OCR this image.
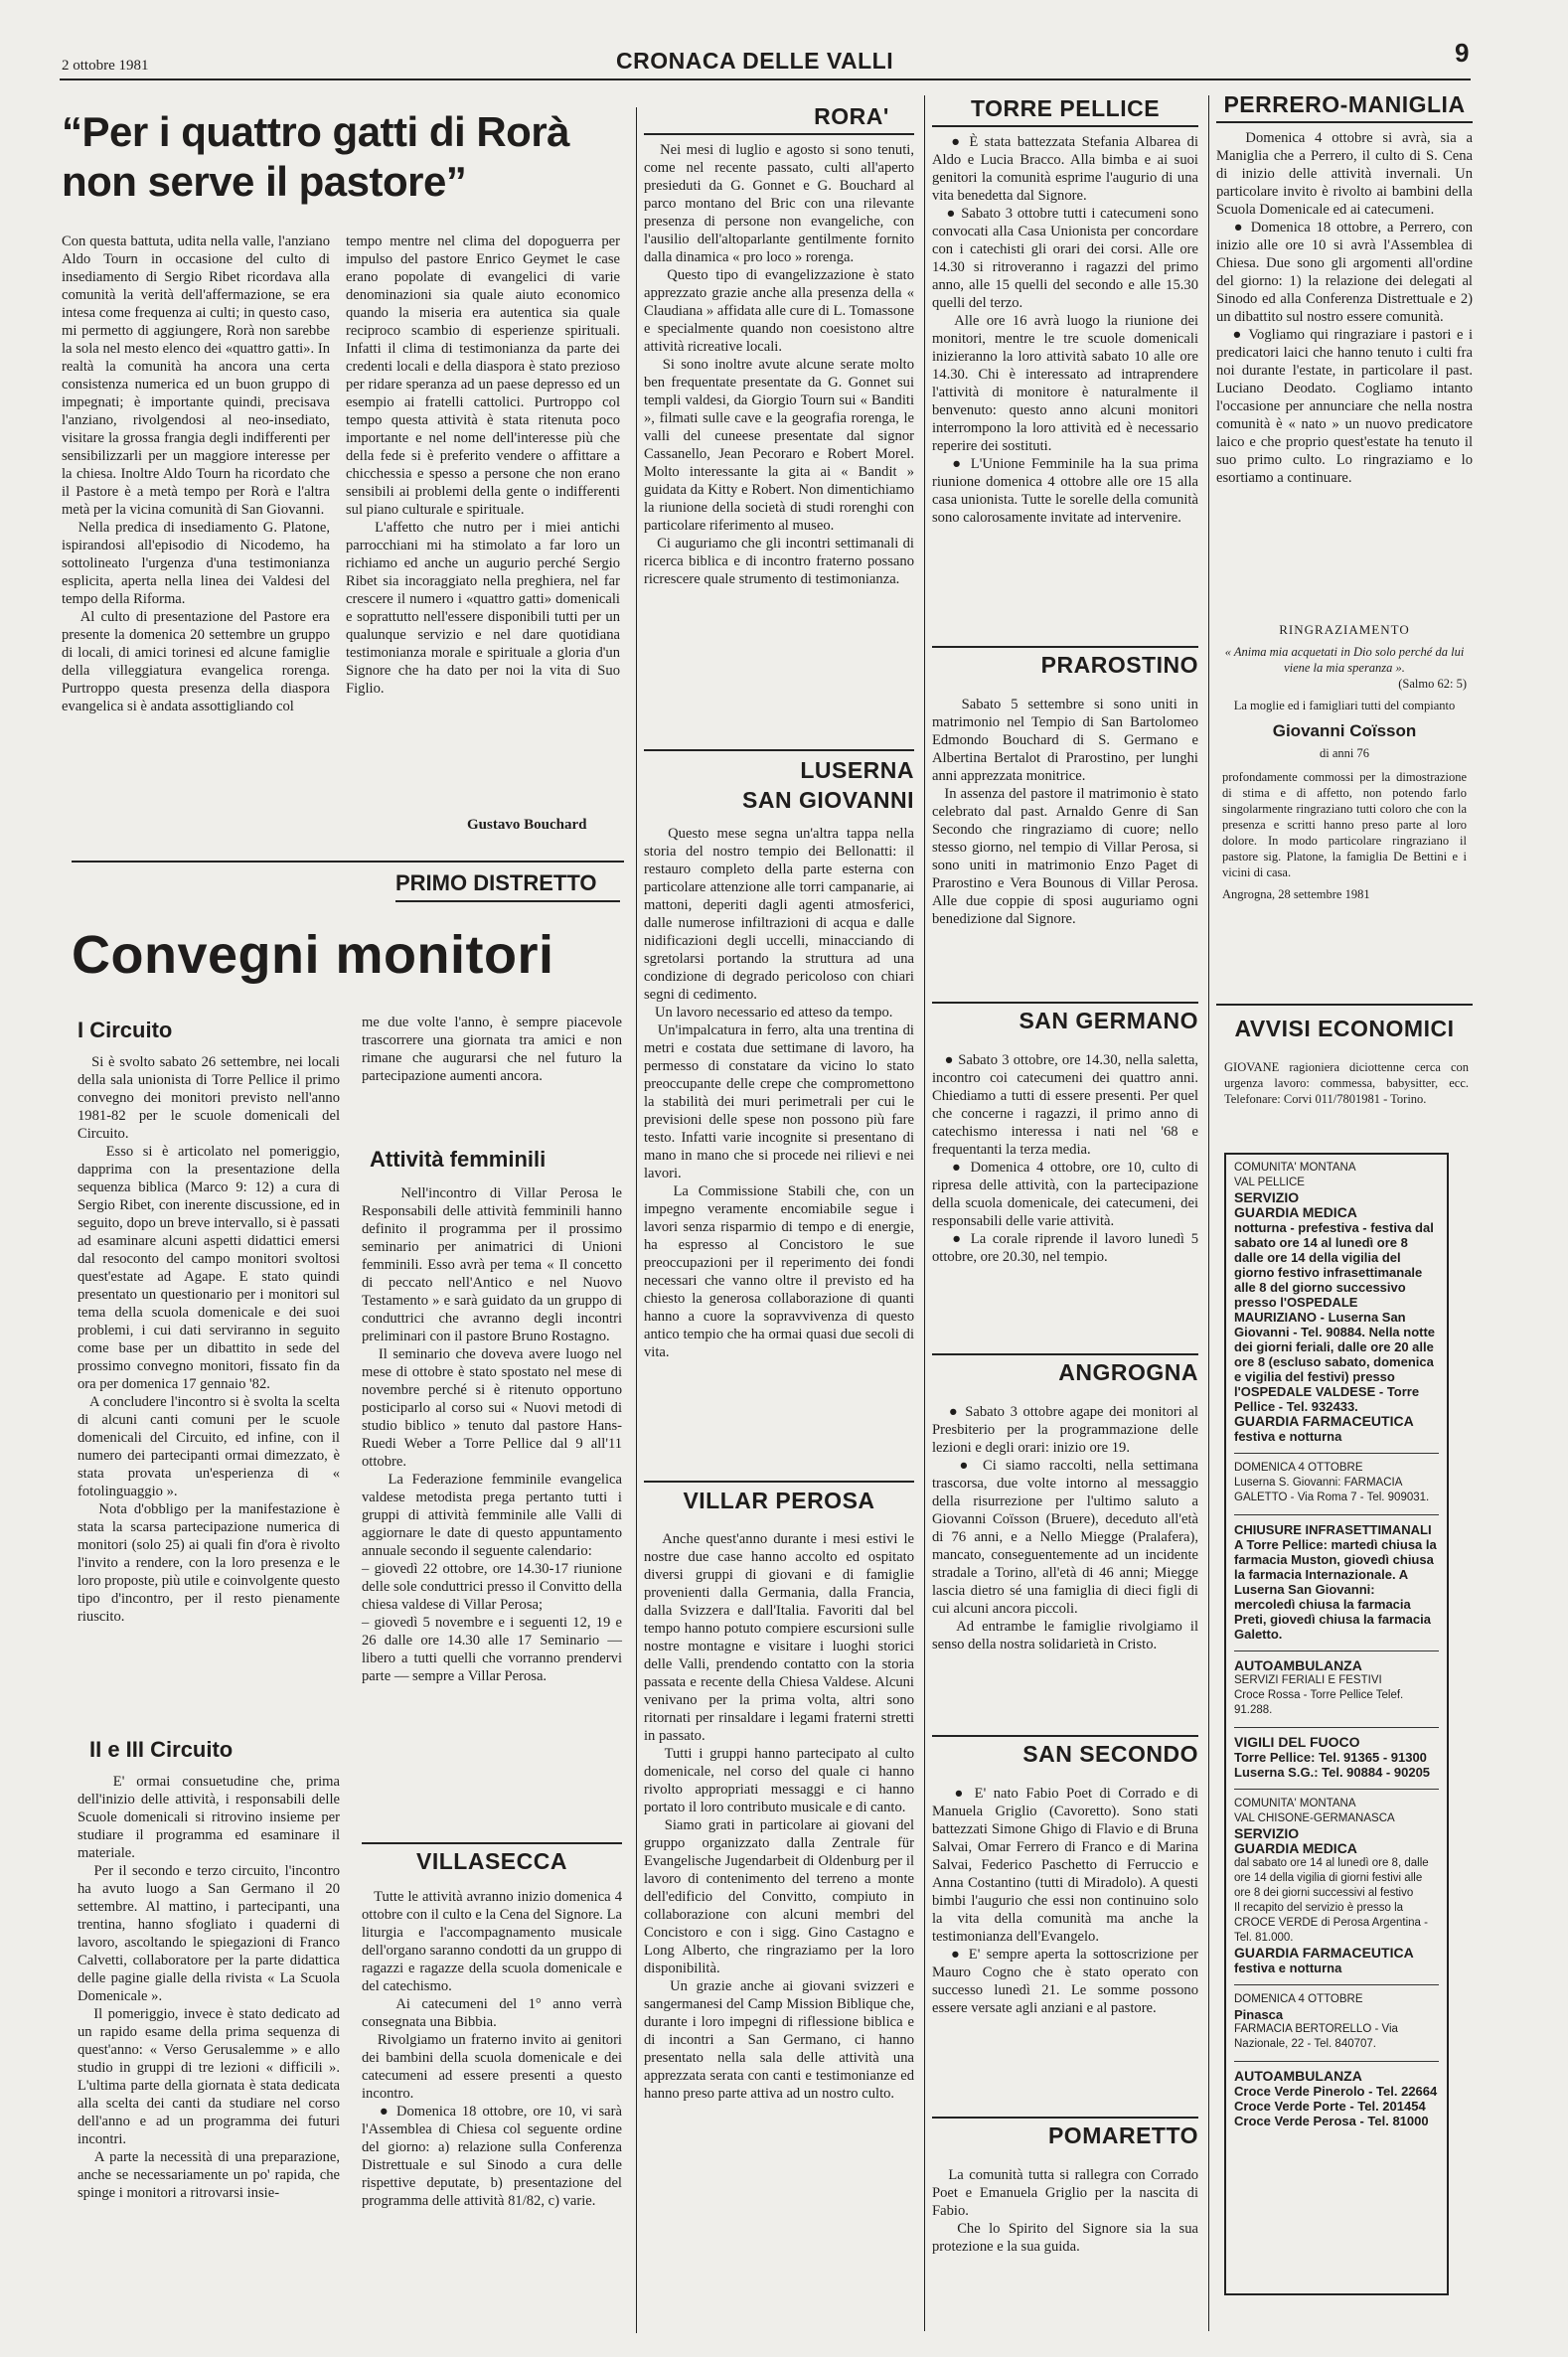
2 ottobre 1981	CRONACA DELLE VALLI	9
“Per i quattro gatti di Rorà
non serve il pastore”
Con questa battuta, udita nella valle, l'anziano Aldo Tourn in occasione del culto di insediamento di Sergio Ribet ricordava alla comunità la verità dell'affermazione, se era intesa come frequenza ai culti; in questo caso, mi permetto di aggiungere, Rorà non sarebbe la sola nel mesto elenco dei «quattro gatti». In realtà la comunità ha ancora una certa consistenza numerica ed un buon gruppo di impegnati; è importante quindi, precisava l'anziano, rivolgendosi al neo-insediato, visitare la grossa frangia degli indifferenti per sensibilizzarli per un maggiore interesse per la chiesa. Inoltre Aldo Tourn ha ricordato che il Pastore è a metà tempo per Rorà e l'altra metà per la vicina comunità di San Giovanni.
Nella predica di insediamento G. Platone, ispirandosi all'episodio di Nicodemo, ha sottolineato l'urgenza d'una testimonianza esplicita, aperta nella linea dei Valdesi del tempo della Riforma.
Al culto di presentazione del Pastore era presente la domenica 20 settembre un gruppo di locali, di amici torinesi ed alcune famiglie della villeggiatura evangelica rorenga. Purtroppo questa presenza della diaspora evangelica si è andata assottigliando col
tempo mentre nel clima del dopoguerra per impulso del pastore Enrico Geymet le case erano popolate di evangelici di varie denominazioni sia quale aiuto economico quando la miseria era autentica sia quale reciproco scambio di esperienze spirituali. Infatti il clima di testimonianza da parte dei credenti locali e della diaspora è stato prezioso per ridare speranza ad un paese depresso ed un esempio ai fratelli cattolici. Purtroppo col tempo questa attività è stata ritenuta poco importante e nel nome dell'interesse più che della fede si è preferito vendere o affittare a chicchessia e spesso a persone che non erano sensibili ai problemi della gente o indifferenti sul piano culturale e spirituale.
L'affetto che nutro per i miei antichi parrocchiani mi ha stimolato a far loro un richiamo ed anche un augurio perché Sergio Ribet sia incoraggiato nella preghiera, nel far crescere il numero i «quattro gatti» domenicali e soprattutto nell'essere disponibili tutti per un qualunque servizio e nel dare quotidiana testimonianza morale e spirituale a gloria d'un Signore che ha dato per noi la vita di Suo Figlio.
Gustavo Bouchard
PRIMO DISTRETTO
Convegni monitori
I Circuito
Si è svolto sabato 26 settembre, nei locali della sala unionista di Torre Pellice il primo convegno dei monitori previsto nell'anno 1981-82 per le scuole domenicali del Circuito.
Esso si è articolato nel pomeriggio, dapprima con la presentazione della sequenza biblica (Marco 9: 12) a cura di Sergio Ribet, con inerente discussione, ed in seguito, dopo un breve intervallo, si è passati ad esaminare alcuni aspetti didattici emersi dal resoconto del campo monitori svoltosi quest'estate ad Agape. E stato quindi presentato un questionario per i monitori sul tema della scuola domenicale e dei suoi problemi, i cui dati serviranno in seguito come base per un dibattito in sede del prossimo convegno monitori, fissato fin da ora per domenica 17 gennaio '82.
A concludere l'incontro si è svolta la scelta di alcuni canti comuni per le scuole domenicali del Circuito, ed infine, con il numero dei partecipanti ormai dimezzato, è stata provata un'esperienza di « fotolinguaggio ».
Nota d'obbligo per la manifestazione è stata la scarsa partecipazione numerica di monitori (solo 25) ai quali fin d'ora è rivolto l'invito a rendere, con la loro presenza e le loro proposte, più utile e coinvolgente questo tipo d'incontro, per il resto pienamente riuscito.
II e III Circuito
E' ormai consuetudine che, prima dell'inizio delle attività, i responsabili delle Scuole domenicali si ritrovino insieme per studiare il programma ed esaminare il materiale.
Per il secondo e terzo circuito, l'incontro ha avuto luogo a San Germano il 20 settembre. Al mattino, i partecipanti, una trentina, hanno sfogliato i quaderni di lavoro, ascoltando le spiegazioni di Franco Calvetti, collaboratore per la parte didattica delle pagine gialle della rivista « La Scuola Domenicale ».
Il pomeriggio, invece è stato dedicato ad un rapido esame della prima sequenza di quest'anno: « Verso Gerusalemme » e allo studio in gruppi di tre lezioni « difficili ». L'ultima parte della giornata è stata dedicata alla scelta dei canti da studiare nel corso dell'anno e ad un programma dei futuri incontri.
A parte la necessità di una preparazione, anche se necessariamente un po' rapida, che spinge i monitori a ritrovarsi insie-
me due volte l'anno, è sempre piacevole trascorrere una giornata tra amici e non rimane che augurarsi che nel futuro la partecipazione aumenti ancora.
Attività femminili
Nell'incontro di Villar Perosa le Responsabili delle attività femminili hanno definito il programma per il prossimo seminario per animatrici di Unioni femminili. Esso avrà per tema « Il concetto di peccato nell'Antico e nel Nuovo Testamento » e sarà guidato da un gruppo di conduttrici che avranno degli incontri preliminari con il pastore Bruno Rostagno.
Il seminario che doveva avere luogo nel mese di ottobre è stato spostato nel mese di novembre perché si è ritenuto opportuno posticiparlo al corso sui « Nuovi metodi di studio biblico » tenuto dal pastore Hans-Ruedi Weber a Torre Pellice dal 9 all'11 ottobre.
La Federazione femminile evangelica valdese metodista prega pertanto tutti i gruppi di attività femminile alle Valli di aggiornare le date di questo appuntamento annuale secondo il seguente calendario:
– giovedì 22 ottobre, ore 14.30-17 riunione delle sole conduttrici presso il Convitto della chiesa valdese di Villar Perosa;
– giovedì 5 novembre e i seguenti 12, 19 e 26 dalle ore 14.30 alle 17 Seminario — libero a tutti quelli che vorranno prendervi parte — sempre a Villar Perosa.
VILLASECCA
Tutte le attività avranno inizio domenica 4 ottobre con il culto e la Cena del Signore. La liturgia e l'accompagnamento musicale dell'organo saranno condotti da un gruppo di ragazzi e ragazze della scuola domenicale e del catechismo.
Ai catecumeni del 1° anno verrà consegnata una Bibbia.
Rivolgiamo un fraterno invito ai genitori dei bambini della scuola domenicale e dei catecumeni ad essere presenti a questo incontro.
● Domenica 18 ottobre, ore 10, vi sarà l'Assemblea di Chiesa col seguente ordine del giorno: a) relazione sulla Conferenza Distrettuale e sul Sinodo a cura delle rispettive deputate, b) presentazione del programma delle attività 81/82, c) varie.
RORA'
Nei mesi di luglio e agosto si sono tenuti, come nel recente passato, culti all'aperto presieduti da G. Gonnet e G. Bouchard al parco montano del Bric con una rilevante presenza di persone non evangeliche, con l'ausilio dell'altoparlante gentilmente fornito dalla dinamica « pro loco » rorenga.
Questo tipo di evangelizzazione è stato apprezzato grazie anche alla presenza della « Claudiana » affidata alle cure di L. Tomassone e specialmente quando non coesistono altre attività ricreative locali.
Si sono inoltre avute alcune serate molto ben frequentate presentate da G. Gonnet sui templi valdesi, da Giorgio Tourn sui « Banditi », filmati sulle cave e la geografia rorenga, le valli del cuneese presentate dal signor Cassanello, Jean Pecoraro e Robert Morel. Molto interessante la gita ai « Bandit » guidata da Kitty e Robert. Non dimentichiamo la riunione della società di studi rorenghi con particolare riferimento al museo.
Ci auguriamo che gli incontri settimanali di ricerca biblica e di incontro fraterno possano ricrescere quale strumento di testimonianza.
LUSERNA
SAN GIOVANNI
Questo mese segna un'altra tappa nella storia del nostro tempio dei Bellonatti: il restauro completo della parte esterna con particolare attenzione alle torri campanarie, ai mattoni, deperiti dagli agenti atmosferici, dalle numerose infiltrazioni di acqua e dalle nidificazioni degli uccelli, minacciando di sgretolarsi portando la struttura ad una condizione di degrado pericoloso con chiari segni di cedimento.
Un lavoro necessario ed atteso da tempo.
Un'impalcatura in ferro, alta una trentina di metri e costata due settimane di lavoro, ha permesso di constatare da vicino lo stato preoccupante delle crepe che compromettono la stabilità dei muri perimetrali per cui le previsioni delle spese non possono più fare testo. Infatti varie incognite si presentano di mano in mano che si procede nei rilievi e nei lavori.
La Commissione Stabili che, con un impegno veramente encomiabile segue i lavori senza risparmio di tempo e di energie, ha espresso al Concistoro le sue preoccupazioni per il reperimento dei fondi necessari che vanno oltre il previsto ed ha chiesto la generosa collaborazione di quanti hanno a cuore la sopravvivenza di questo antico tempio che ha ormai quasi due secoli di vita.
VILLAR PEROSA
Anche quest'anno durante i mesi estivi le nostre due case hanno accolto ed ospitato diversi gruppi di giovani e di famiglie provenienti dalla Germania, dalla Francia, dalla Svizzera e dall'Italia. Favoriti dal bel tempo hanno potuto compiere escursioni sulle nostre montagne e visitare i luoghi storici delle Valli, prendendo contatto con la storia passata e recente della Chiesa Valdese. Alcuni venivano per la prima volta, altri sono ritornati per rinsaldare i legami fraterni stretti in passato.
Tutti i gruppi hanno partecipato al culto domenicale, nel corso del quale ci hanno rivolto appropriati messaggi e ci hanno portato il loro contributo musicale e di canto.
Siamo grati in particolare ai giovani del gruppo organizzato dalla Zentrale für Evangelische Jugendarbeit di Oldenburg per il lavoro di contenimento del terreno a monte dell'edificio del Convitto, compiuto in collaborazione con alcuni membri del Concistoro e con i sigg. Gino Castagno e Long Alberto, che ringraziamo per la loro disponibilità.
Un grazie anche ai giovani svizzeri e sangermanesi del Camp Mission Biblique che, durante i loro impegni di riflessione biblica e di incontri a San Germano, ci hanno presentato nella sala delle attività una apprezzata serata con canti e testimonianze ed hanno preso parte attiva ad un nostro culto.
TORRE PELLICE
● È stata battezzata Stefania Albarea di Aldo e Lucia Bracco. Alla bimba e ai suoi genitori la comunità esprime l'augurio di una vita benedetta dal Signore.
● Sabato 3 ottobre tutti i catecumeni sono convocati alla Casa Unionista per concordare con i catechisti gli orari dei corsi. Alle ore 14.30 si ritroveranno i ragazzi del primo anno, alle 15 quelli del secondo e alle 15.30 quelli del terzo.
Alle ore 16 avrà luogo la riunione dei monitori, mentre le tre scuole domenicali inizieranno la loro attività sabato 10 alle ore 14.30. Chi è interessato ad intraprendere l'attività di monitore è naturalmente il benvenuto: questo anno alcuni monitori interrompono la loro attività ed è necessario reperire dei sostituti.
● L'Unione Femminile ha la sua prima riunione domenica 4 ottobre alle ore 15 alla casa unionista. Tutte le sorelle della comunità sono calorosamente invitate ad intervenire.
PRAROSTINO
Sabato 5 settembre si sono uniti in matrimonio nel Tempio di San Bartolomeo Edmondo Bouchard di S. Germano e Albertina Bertalot di Prarostino, per lunghi anni apprezzata monitrice.
In assenza del pastore il matrimonio è stato celebrato dal past. Arnaldo Genre di San Secondo che ringraziamo di cuore; nello stesso giorno, nel tempio di Villar Perosa, si sono uniti in matrimonio Enzo Paget di Prarostino e Vera Bounous di Villar Perosa. Alle due coppie di sposi auguriamo ogni benedizione dal Signore.
SAN GERMANO
● Sabato 3 ottobre, ore 14.30, nella saletta, incontro coi catecumeni dei quattro anni. Chiediamo a tutti di essere presenti. Per quel che concerne i ragazzi, il primo anno di catechismo interessa i nati nel '68 e frequentanti la terza media.
● Domenica 4 ottobre, ore 10, culto di ripresa delle attività, con la partecipazione della scuola domenicale, dei catecumeni, dei responsabili delle varie attività.
● La corale riprende il lavoro lunedì 5 ottobre, ore 20.30, nel tempio.
ANGROGNA
● Sabato 3 ottobre agape dei monitori al Presbiterio per la programmazione delle lezioni e degli orari: inizio ore 19.
● Ci siamo raccolti, nella settimana trascorsa, due volte intorno al messaggio della risurrezione per l'ultimo saluto a Giovanni Coïsson (Bruere), deceduto all'età di 76 anni, e a Nello Miegge (Pralafera), mancato, conseguentemente ad un incidente stradale a Torino, all'età di 46 anni; Miegge lascia dietro sé una famiglia di dieci figli di cui alcuni ancora piccoli.
Ad entrambe le famiglie rivolgiamo il senso della nostra solidarietà in Cristo.
SAN SECONDO
● E' nato Fabio Poet di Corrado e di Manuela Griglio (Cavoretto). Sono stati battezzati Simone Ghigo di Flavio e di Bruna Salvai, Omar Ferrero di Franco e di Marina Salvai, Federico Paschetto di Ferruccio e Anna Costantino (tutti di Miradolo). A questi bimbi l'augurio che essi non continuino solo la vita della comunità ma anche la testimonianza dell'Evangelo.
● E' sempre aperta la sottoscrizione per Mauro Cogno che è stato operato con successo lunedì 21. Le somme possono essere versate agli anziani e al pastore.
POMARETTO
La comunità tutta si rallegra con Corrado Poet e Emanuela Griglio per la nascita di Fabio.
Che lo Spirito del Signore sia la sua protezione e la sua guida.
PERRERO-MANIGLIA
Domenica 4 ottobre si avrà, sia a Maniglia che a Perrero, il culto di S. Cena di inizio delle attività invernali. Un particolare invito è rivolto ai bambini della Scuola Domenicale ed ai catecumeni.
● Domenica 18 ottobre, a Perrero, con inizio alle ore 10 si avrà l'Assemblea di Chiesa. Due sono gli argomenti all'ordine del giorno: 1) la relazione dei delegati al Sinodo ed alla Conferenza Distrettuale e 2) un dibattito sul nostro essere comunità.
● Vogliamo qui ringraziare i pastori e i predicatori laici che hanno tenuto i culti fra noi durante l'estate, in particolare il past. Luciano Deodato. Cogliamo intanto l'occasione per annunciare che nella nostra comunità è « nato » un nuovo predicatore laico e che proprio quest'estate ha tenuto il suo primo culto. Lo ringraziamo e lo esortiamo a continuare.
RINGRAZIAMENTO
« Anima mia acquetati in Dio solo perché da lui viene la mia speranza ».
(Salmo 62: 5)
La moglie ed i famigliari tutti del compianto
Giovanni Coïsson
di anni 76
profondamente commossi per la dimostrazione di stima e di affetto, non potendo farlo singolarmente ringraziano tutti coloro che con la presenza e scritti hanno preso parte al loro dolore. In modo particolare ringraziano il pastore sig. Platone, la famiglia De Bettini e i vicini di casa.
Angrogna, 28 settembre 1981
AVVISI ECONOMICI
GIOVANE ragioniera diciottenne cerca con urgenza lavoro: commessa, babysitter, ecc. Telefonare: Corvi 011/7801981 - Torino.
COMUNITA' MONTANA
VAL PELLICE
SERVIZIO
GUARDIA MEDICA
notturna - prefestiva - festiva dal sabato ore 14 al lunedì ore 8 dalle ore 14 della vigilia del giorno festivo infrasettimanale alle 8 del giorno successivo presso l'OSPEDALE MAURIZIANO - Luserna San Giovanni - Tel. 90884. Nella notte dei giorni feriali, dalle ore 20 alle ore 8 (escluso sabato, domenica e vigilia del festivi) presso l'OSPEDALE VALDESE - Torre Pellice - Tel. 932433.
GUARDIA FARMACEUTICA
festiva e notturna
DOMENICA 4 OTTOBRE
Luserna S. Giovanni: FARMACIA GALETTO - Via Roma 7 - Tel. 909031.
CHIUSURE INFRASETTIMANALI A Torre Pellice: martedì chiusa la farmacia Muston, giovedì chiusa la farmacia Internazionale. A Luserna San Giovanni: mercoledì chiusa la farmacia Preti, giovedì chiusa la farmacia Galetto.
AUTOAMBULANZA
SERVIZI FERIALI E FESTIVI
Croce Rossa - Torre Pellice Telef. 91.288.
VIGILI DEL FUOCO
Torre Pellice: Tel. 91365 - 91300
Luserna S.G.: Tel. 90884 - 90205
COMUNITA' MONTANA
VAL CHISONE-GERMANASCA
SERVIZIO
GUARDIA MEDICA
dal sabato ore 14 al lunedì ore 8, dalle ore 14 della vigilia di giorni festivi alle ore 8 dei giorni successivi al festivo
Il recapito del servizio è presso la CROCE VERDE di Perosa Argentina - Tel. 81.000.
GUARDIA FARMACEUTICA
festiva e notturna
DOMENICA 4 OTTOBRE
Pinasca
FARMACIA BERTORELLO - Via Nazionale, 22 - Tel. 840707.
AUTOAMBULANZA
Croce Verde Pinerolo - Tel. 22664
Croce Verde Porte - Tel. 201454
Croce Verde Perosa - Tel. 81000
